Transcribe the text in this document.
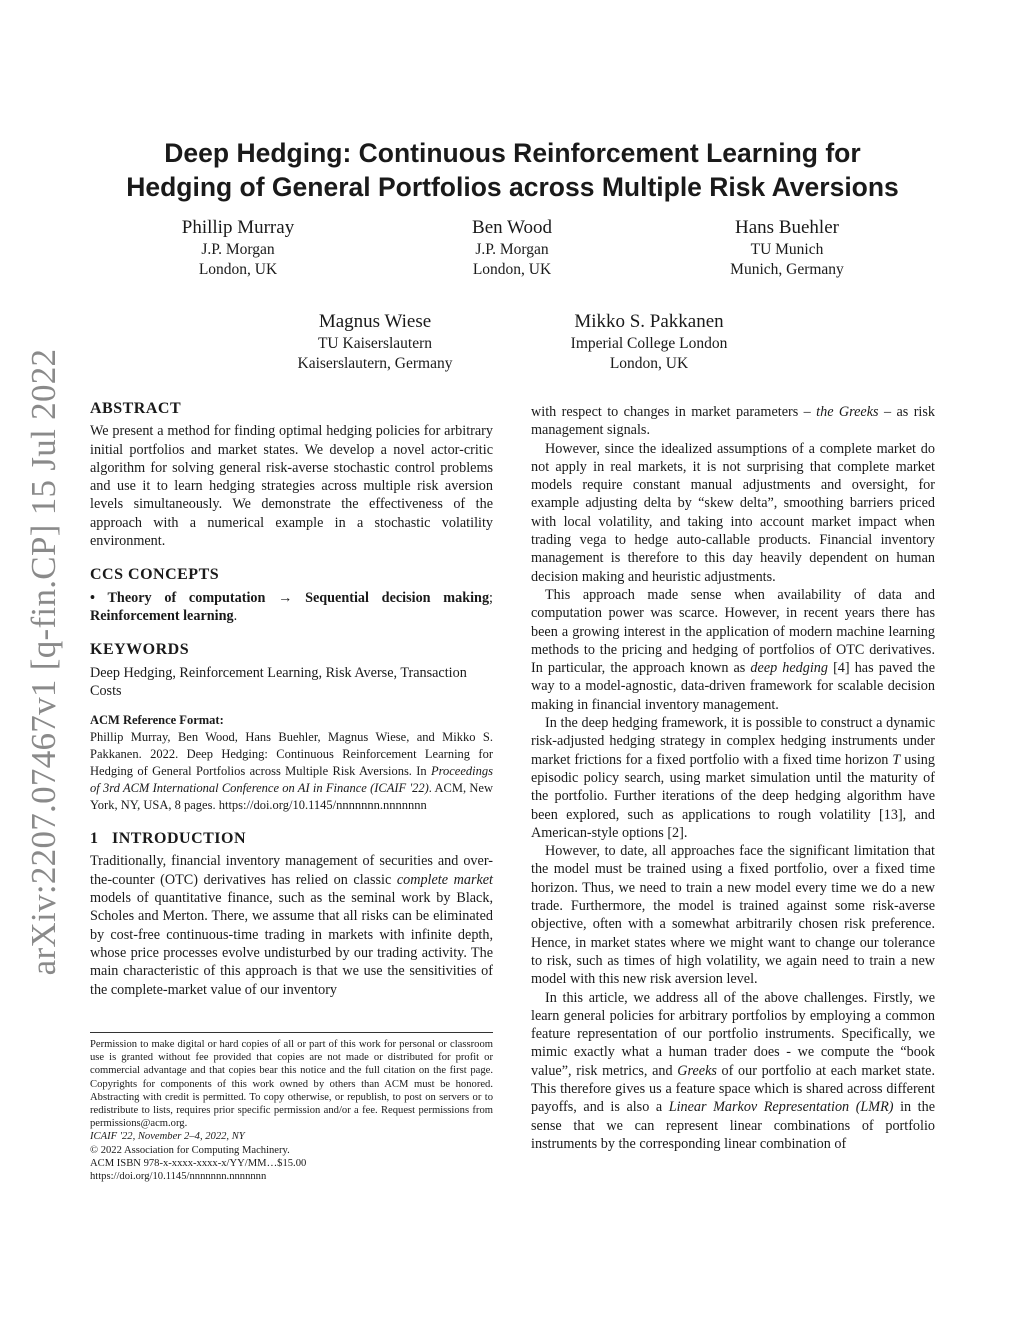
arXiv:2207.07467v1 [q-fin.CP] 15 Jul 2022
Deep Hedging: Continuous Reinforcement Learning for
Hedging of General Portfolios across Multiple Risk Aversions
Phillip Murray
J.P. Morgan
London, UK
Ben Wood
J.P. Morgan
London, UK
Hans Buehler
TU Munich
Munich, Germany
Magnus Wiese
TU Kaiserslautern
Kaiserslautern, Germany
Mikko S. Pakkanen
Imperial College London
London, UK
ABSTRACT

We present a method for finding optimal hedging policies for arbitrary initial portfolios and market states. We develop a novel actor-critic algorithm for solving general risk-averse stochastic control problems and use it to learn hedging strategies across multiple risk aversion levels simultaneously. We demonstrate the effectiveness of the approach with a numerical example in a stochastic volatility environment.

CCS CONCEPTS

• Theory of computation → Sequential decision making; Reinforcement learning.

KEYWORDS

Deep Hedging, Reinforcement Learning, Risk Averse, Transaction Costs

ACM Reference Format:
Phillip Murray, Ben Wood, Hans Buehler, Magnus Wiese, and Mikko S. Pakkanen. 2022. Deep Hedging: Continuous Reinforcement Learning for Hedging of General Portfolios across Multiple Risk Aversions. In Proceedings of 3rd ACM International Conference on AI in Finance (ICAIF '22). ACM, New York, NY, USA, 8 pages. https://doi.org/10.1145/nnnnnnn.nnnnnnn
1   INTRODUCTION

Traditionally, financial inventory management of securities and over-the-counter (OTC) derivatives has relied on classic complete market models of quantitative finance, such as the seminal work by Black, Scholes and Merton. There, we assume that all risks can be eliminated by cost-free continuous-time trading in markets with infinite depth, whose price processes evolve undisturbed by our trading activity. The main characteristic of this approach is that we use the sensitivities of the complete-market value of our inventory

Permission to make digital or hard copies of all or part of this work for personal or classroom use is granted without fee provided that copies are not made or distributed for profit or commercial advantage and that copies bear this notice and the full citation on the first page. Copyrights for components of this work owned by others than ACM must be honored. Abstracting with credit is permitted. To copy otherwise, or republish, to post on servers or to redistribute to lists, requires prior specific permission and/or a fee. Request permissions from permissions@acm.org.
ICAIF '22, November 2–4, 2022, NY
© 2022 Association for Computing Machinery.
ACM ISBN 978-x-xxxx-xxxx-x/YY/MM…$15.00
https://doi.org/10.1145/nnnnnnn.nnnnnnn

with respect to changes in market parameters – the Greeks – as risk management signals.

However, since the idealized assumptions of a complete market do not apply in real markets, it is not surprising that complete market models require constant manual adjustments and oversight, for example adjusting delta by “skew delta”, smoothing barriers priced with local volatility, and taking into account market impact when trading vega to hedge auto-callable products. Financial inventory management is therefore to this day heavily dependent on human decision making and heuristic adjustments.

This approach made sense when availability of data and computation power was scarce. However, in recent years there has been a growing interest in the application of modern machine learning methods to the pricing and hedging of portfolios of OTC derivatives. In particular, the approach known as deep hedging [4] has paved the way to a model-agnostic, data-driven framework for scalable decision making in financial inventory management.

In the deep hedging framework, it is possible to construct a dynamic risk-adjusted hedging strategy in complex hedging instruments under market frictions for a fixed portfolio with a fixed time horizon T using episodic policy search, using market simulation until the maturity of the portfolio. Further iterations of the deep hedging algorithm have been explored, such as applications to rough volatility [13], and American-style options [2].

However, to date, all approaches face the significant limitation that the model must be trained using a fixed portfolio, over a fixed time horizon. Thus, we need to train a new model every time we do a new trade. Furthermore, the model is trained against some risk-averse objective, often with a somewhat arbitrarily chosen risk preference. Hence, in market states where we might want to change our tolerance to risk, such as times of high volatility, we again need to train a new model with this new risk aversion level.

In this article, we address all of the above challenges. Firstly, we learn general policies for arbitrary portfolios by employing a common feature representation of our portfolio instruments. Specifically, we mimic exactly what a human trader does - we compute the “book value”, risk metrics, and Greeks of our portfolio at each market state. This therefore gives us a feature space which is shared across different payoffs, and is also a Linear Markov Representation (LMR) in the sense that we can represent linear combinations of portfolio instruments by the corresponding linear combination of
